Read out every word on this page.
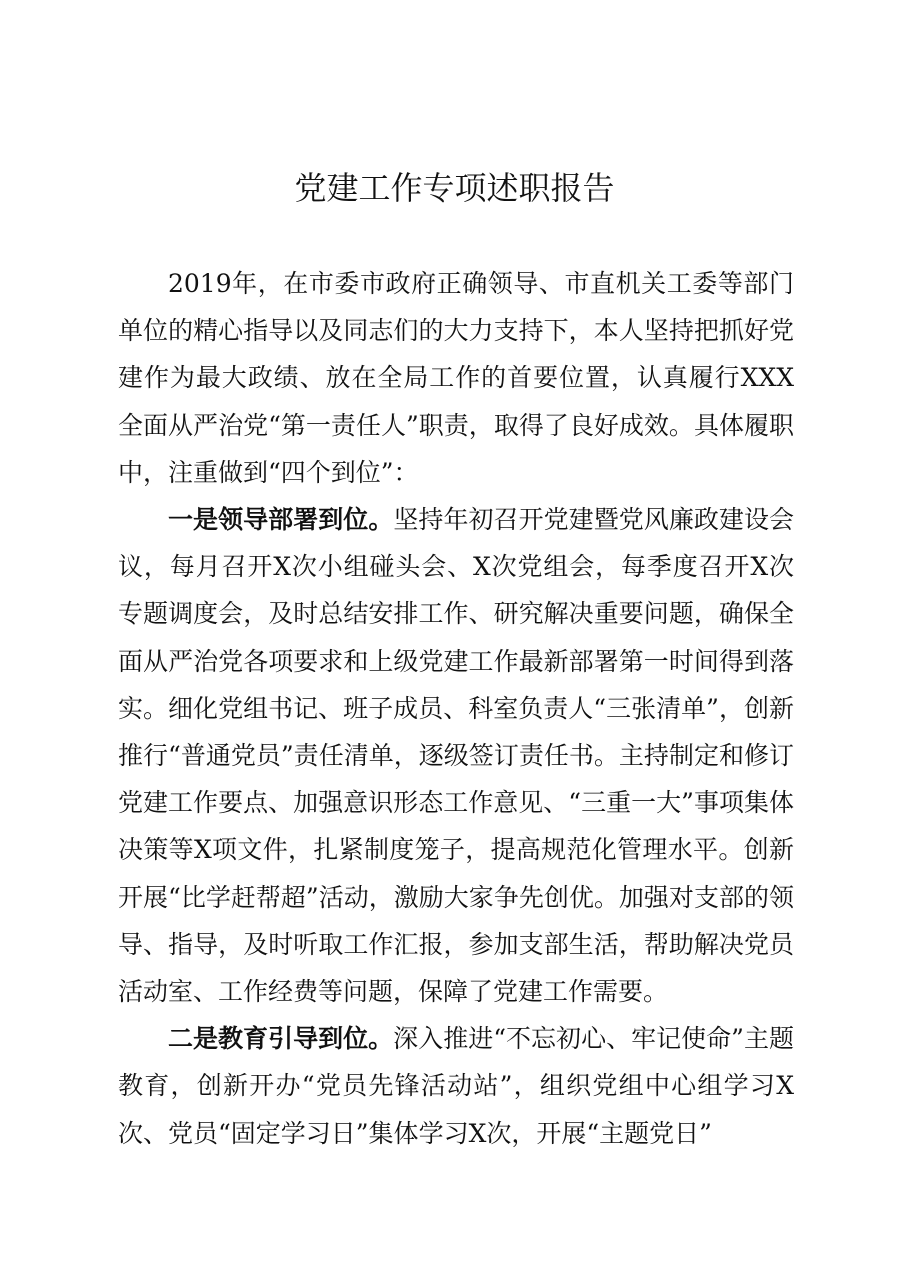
党建工作专项述职报告

2019年，在市委市政府正确领导、市直机关工委等部门单位的精心指导以及同志们的大力支持下，本人坚持把抓好党建作为最大政绩、放在全局工作的首要位置，认真履行XXX全面从严治党“第一责任人”职责，取得了良好成效。具体履职中，注重做到“四个到位”：

一是领导部署到位。坚持年初召开党建暨党风廉政建设会议，每月召开X次小组碰头会、X次党组会，每季度召开X次专题调度会，及时总结安排工作、研究解决重要问题，确保全面从严治党各项要求和上级党建工作最新部署第一时间得到落实。细化党组书记、班子成员、科室负责人“三张清单”，创新推行“普通党员”责任清单，逐级签订责任书。主持制定和修订党建工作要点、加强意识形态工作意见、“三重一大”事项集体决策等X项文件，扎紧制度笼子，提高规范化管理水平。创新开展“比学赶帮超”活动，激励大家争先创优。加强对支部的领导、指导，及时听取工作汇报，参加支部生活，帮助解决党员活动室、工作经费等问题，保障了党建工作需要。

二是教育引导到位。深入推进“不忘初心、牢记使命”主题教育，创新开办“党员先锋活动站”，组织党组中心组学习X次、党员“固定学习日”集体学习X次，开展“主题党日”
